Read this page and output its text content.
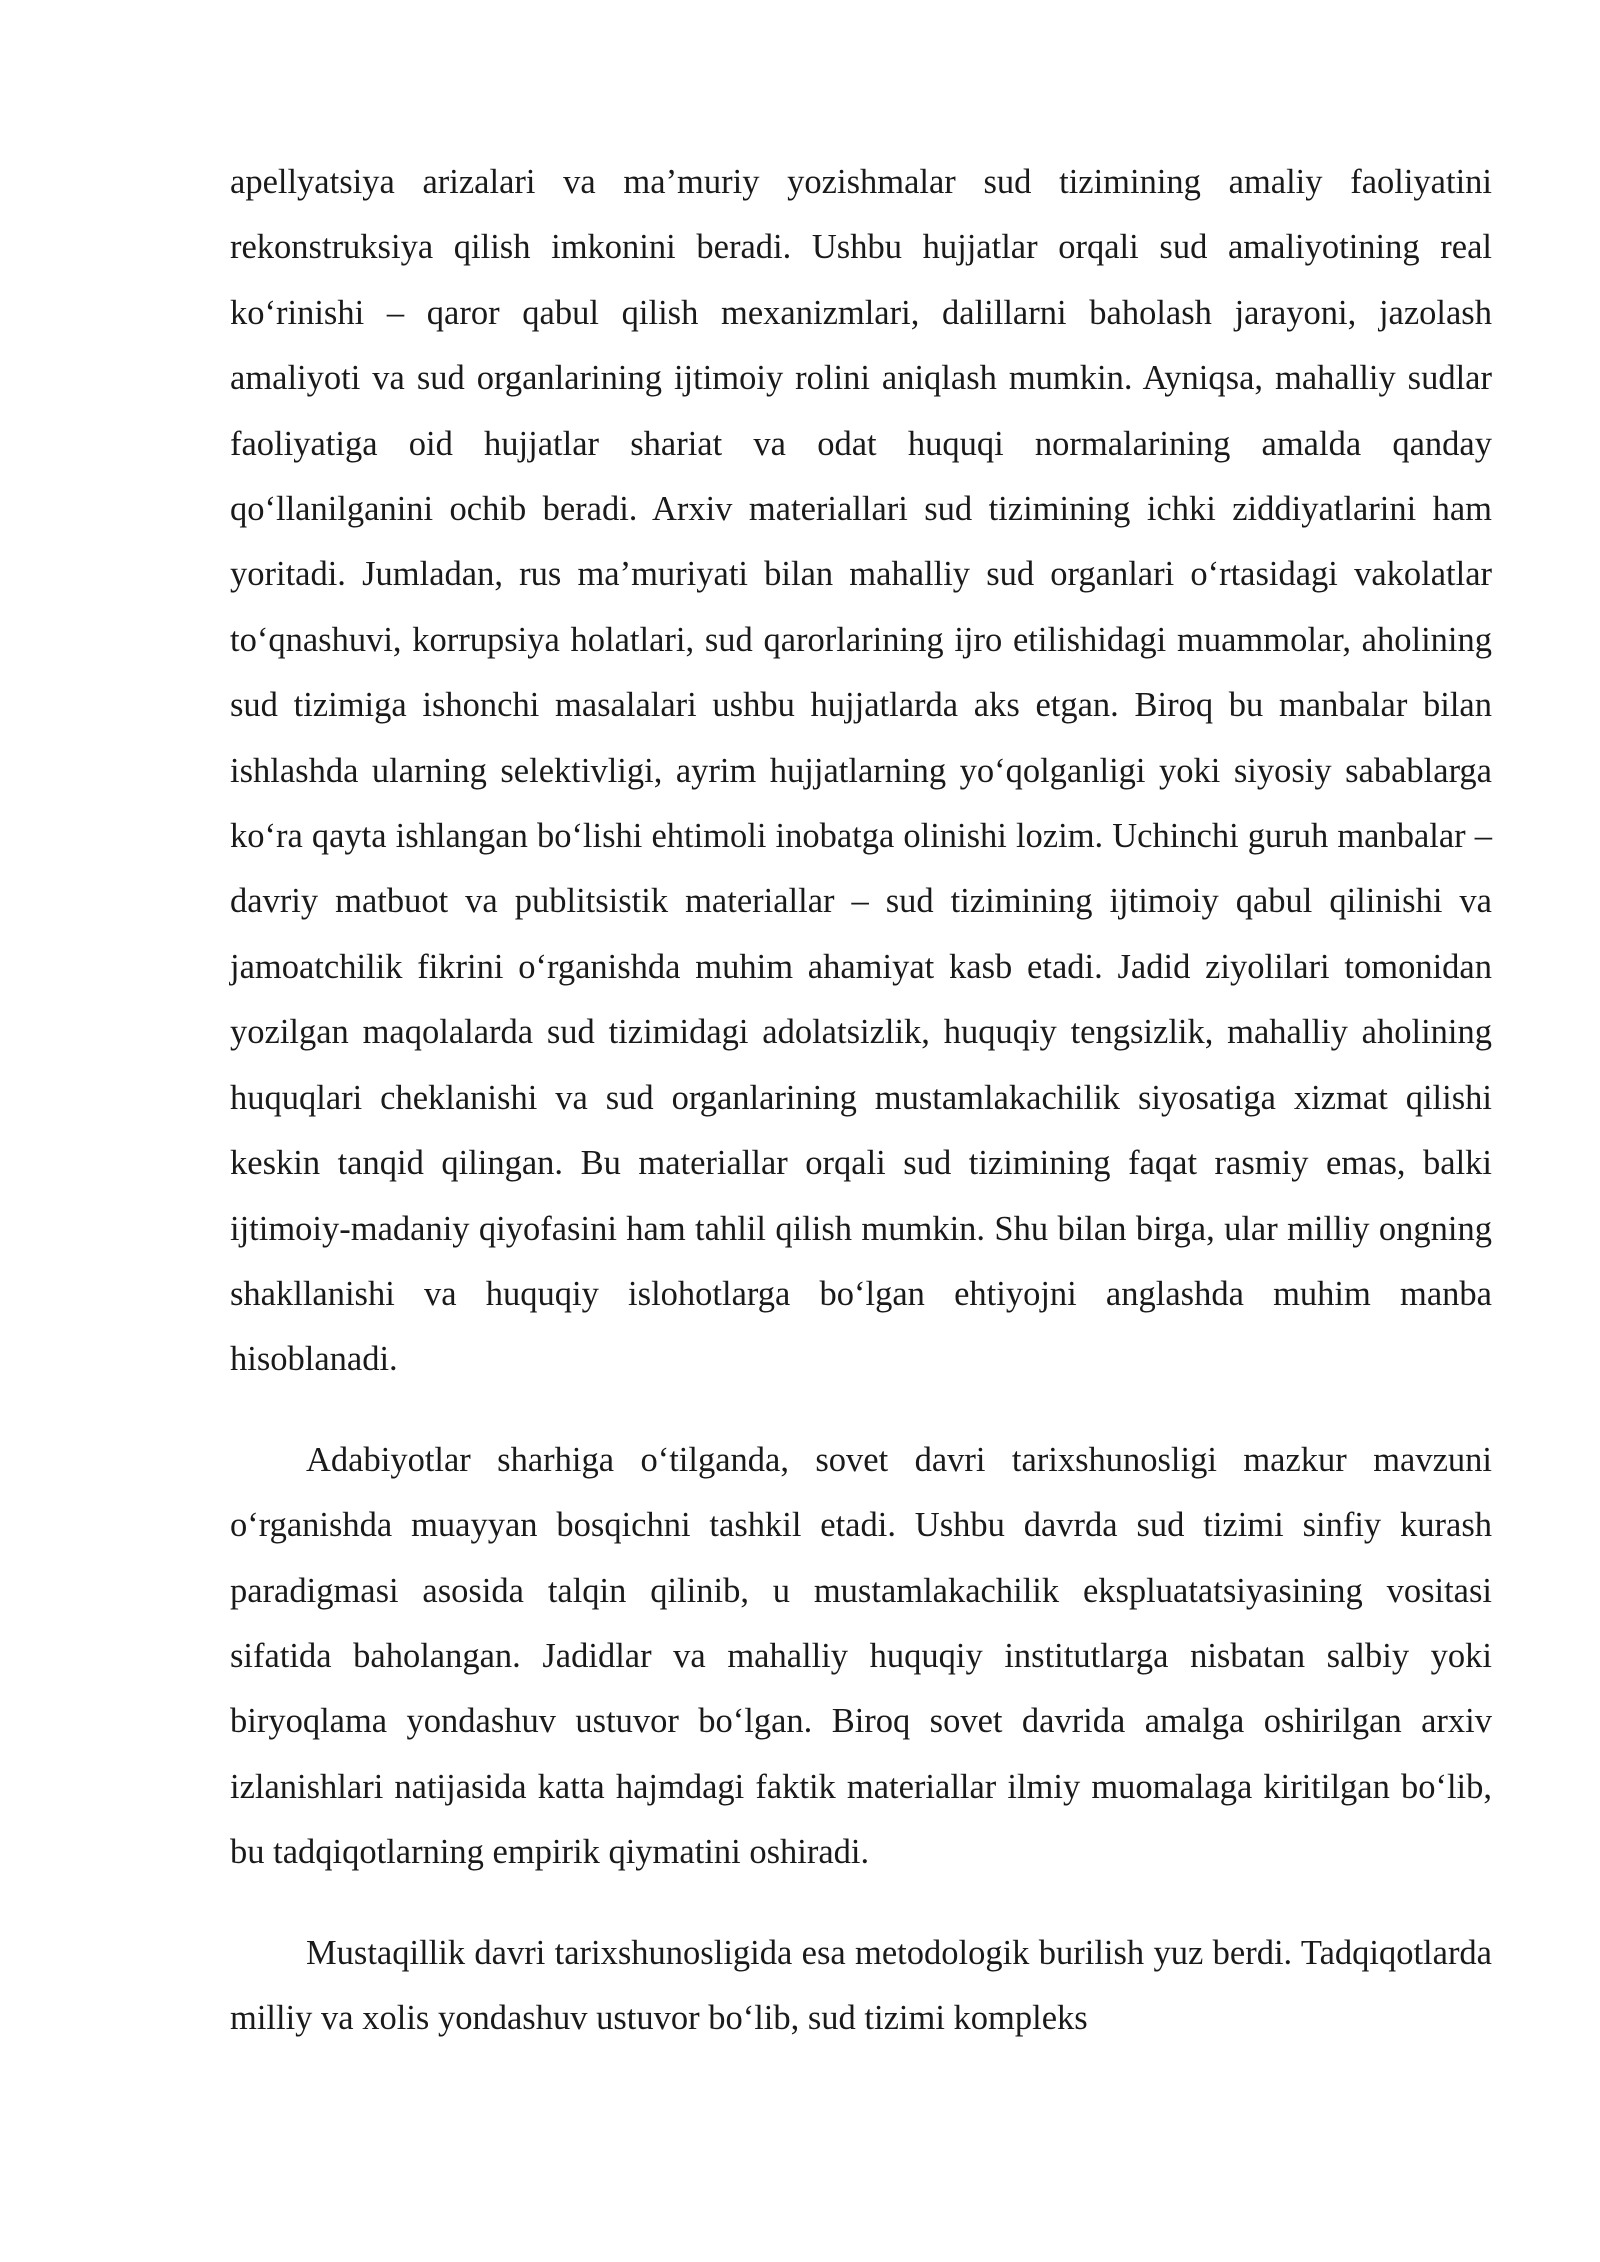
apellyatsiya arizalari va ma’muriy yozishmalar sud tizimining amaliy faoliyatini rekonstruksiya qilish imkonini beradi. Ushbu hujjatlar orqali sud amaliyotining real ko‘rinishi – qaror qabul qilish mexanizmlari, dalillarni baholash jarayoni, jazolash amaliyoti va sud organlarining ijtimoiy rolini aniqlash mumkin. Ayniqsa, mahalliy sudlar faoliyatiga oid hujjatlar shariat va odat huquqi normalarining amalda qanday qo‘llanilganini ochib beradi. Arxiv materiallari sud tizimining ichki ziddiyatlarini ham yoritadi. Jumladan, rus ma’muriyati bilan mahalliy sud organlari o‘rtasidagi vakolatlar to‘qnashuvi, korrupsiya holatlari, sud qarorlarining ijro etilishidagi muammolar, aholining sud tizimiga ishonchi masalalari ushbu hujjatlarda aks etgan. Biroq bu manbalar bilan ishlashda ularning selektivligi, ayrim hujjatlarning yo‘qolganligi yoki siyosiy sabablarga ko‘ra qayta ishlangan bo‘lishi ehtimoli inobatga olinishi lozim. Uchinchi guruh manbalar – davriy matbuot va publitsistik materiallar – sud tizimining ijtimoiy qabul qilinishi va jamoatchilik fikrini o‘rganishda muhim ahamiyat kasb etadi. Jadid ziyolilari tomonidan yozilgan maqolalarda sud tizimidagi adolatsizlik, huquqiy tengsizlik, mahalliy aholining huquqlari cheklanishi va sud organlarining mustamlakachilik siyosatiga xizmat qilishi keskin tanqid qilingan. Bu materiallar orqali sud tizimining faqat rasmiy emas, balki ijtimoiy-madaniy qiyofasini ham tahlil qilish mumkin. Shu bilan birga, ular milliy ongning shakllanishi va huquqiy islohotlarga bo‘lgan ehtiyojni anglashda muhim manba hisoblanadi.

Adabiyotlar sharhiga o‘tilganda, sovet davri tarixshunosligi mazkur mavzuni o‘rganishda muayyan bosqichni tashkil etadi. Ushbu davrda sud tizimi sinfiy kurash paradigmasi asosida talqin qilinib, u mustamlakachilik ekspluatatsiyasining vositasi sifatida baholangan. Jadidlar va mahalliy huquqiy institutlarga nisbatan salbiy yoki biryoqlama yondashuv ustuvor bo‘lgan. Biroq sovet davrida amalga oshirilgan arxiv izlanishlari natijasida katta hajmdagi faktik materiallar ilmiy muomalaga kiritilgan bo‘lib, bu tadqiqotlarning empirik qiymatini oshiradi.

Mustaqillik davri tarixshunosligida esa metodologik burilish yuz berdi. Tadqiqotlarda milliy va xolis yondashuv ustuvor bo‘lib, sud tizimi kompleks
